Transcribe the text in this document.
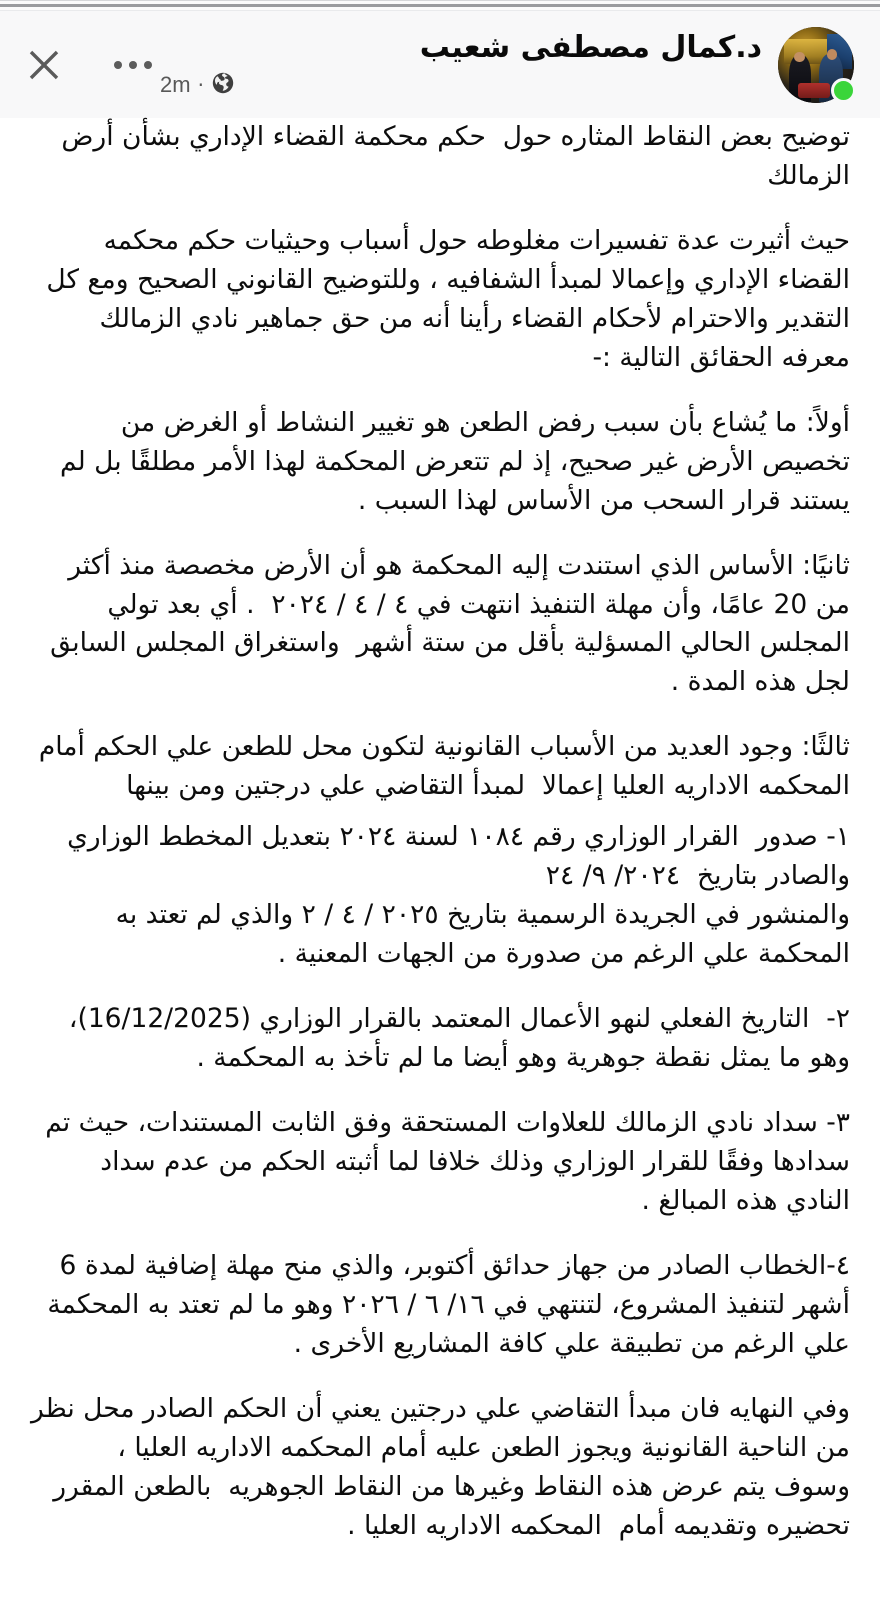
د.كمال مصطفى شعيب
2m ·

توضيح بعض النقاط المثاره حول  حكم محكمة القضاء الإداري بشأن أرض الزمالك

حيث أثيرت عدة تفسيرات مغلوطه حول أسباب وحيثيات حكم محكمه القضاء الإداري وإعمالا لمبدأ الشفافيه ، وللتوضيح القانوني الصحيح ومع كل التقدير والاحترام لأحكام القضاء رأينا أنه من حق جماهير نادي الزمالك معرفه الحقائق التالية :-

أولاً: ما يُشاع بأن سبب رفض الطعن هو تغيير النشاط أو الغرض من تخصيص الأرض غير صحيح، إذ لم تتعرض المحكمة لهذا الأمر مطلقًا بل لم يستند قرار السحب من الأساس لهذا السبب .

ثانيًا: الأساس الذي استندت إليه المحكمة هو أن الأرض مخصصة منذ أكثر من 20 عامًا، وأن مهلة التنفيذ انتهت في ٤ / ٤ / ٢٠٢٤  . أي بعد تولي المجلس الحالي المسؤلية بأقل من ستة أشهر  واستغراق المجلس السابق لجل هذه المدة .

ثالثًا: وجود العديد من الأسباب القانونية لتكون محل للطعن علي الحكم أمام المحكمه الاداريه العليا إعمالا  لمبدأ التقاضي علي درجتين ومن بينها

١- صدور  القرار الوزاري رقم ١٠٨٤ لسنة ٢٠٢٤ بتعديل المخطط الوزاري والصادر بتاريخ  ٢٠٢٤/ ٩/ ٢٤

والمنشور في الجريدة الرسمية بتاريخ ٢٠٢٥ / ٤ / ٢ والذي لم تعتد به المحكمة علي الرغم من صدورة من الجهات المعنية .

٢-  التاريخ الفعلي لنهو الأعمال المعتمد بالقرار الوزاري (16/12/2025)، وهو ما يمثل نقطة جوهرية وهو أيضا ما لم تأخذ به المحكمة .

٣- سداد نادي الزمالك للعلاوات المستحقة وفق الثابت المستندات، حيث تم سدادها وفقًا للقرار الوزاري وذلك خلافا لما أثبته الحكم من عدم سداد النادي هذه المبالغ .

٤-الخطاب الصادر من جهاز حدائق أكتوبر، والذي منح مهلة إضافية لمدة 6 أشهر لتنفيذ المشروع، لتنتهي في ١٦/ ٦ / ٢٠٢٦ وهو ما لم تعتد به المحكمة علي الرغم من تطبيقة علي كافة المشاريع الأخرى .

وفي النهايه فان مبدأ التقاضي علي درجتين يعني أن الحكم الصادر محل نظر من الناحية القانونية ويجوز الطعن عليه أمام المحكمه الاداريه العليا ،  وسوف يتم عرض هذه النقاط وغيرها من النقاط الجوهريه  بالطعن المقرر تحضيره وتقديمه أمام  المحكمه الاداريه العليا .
